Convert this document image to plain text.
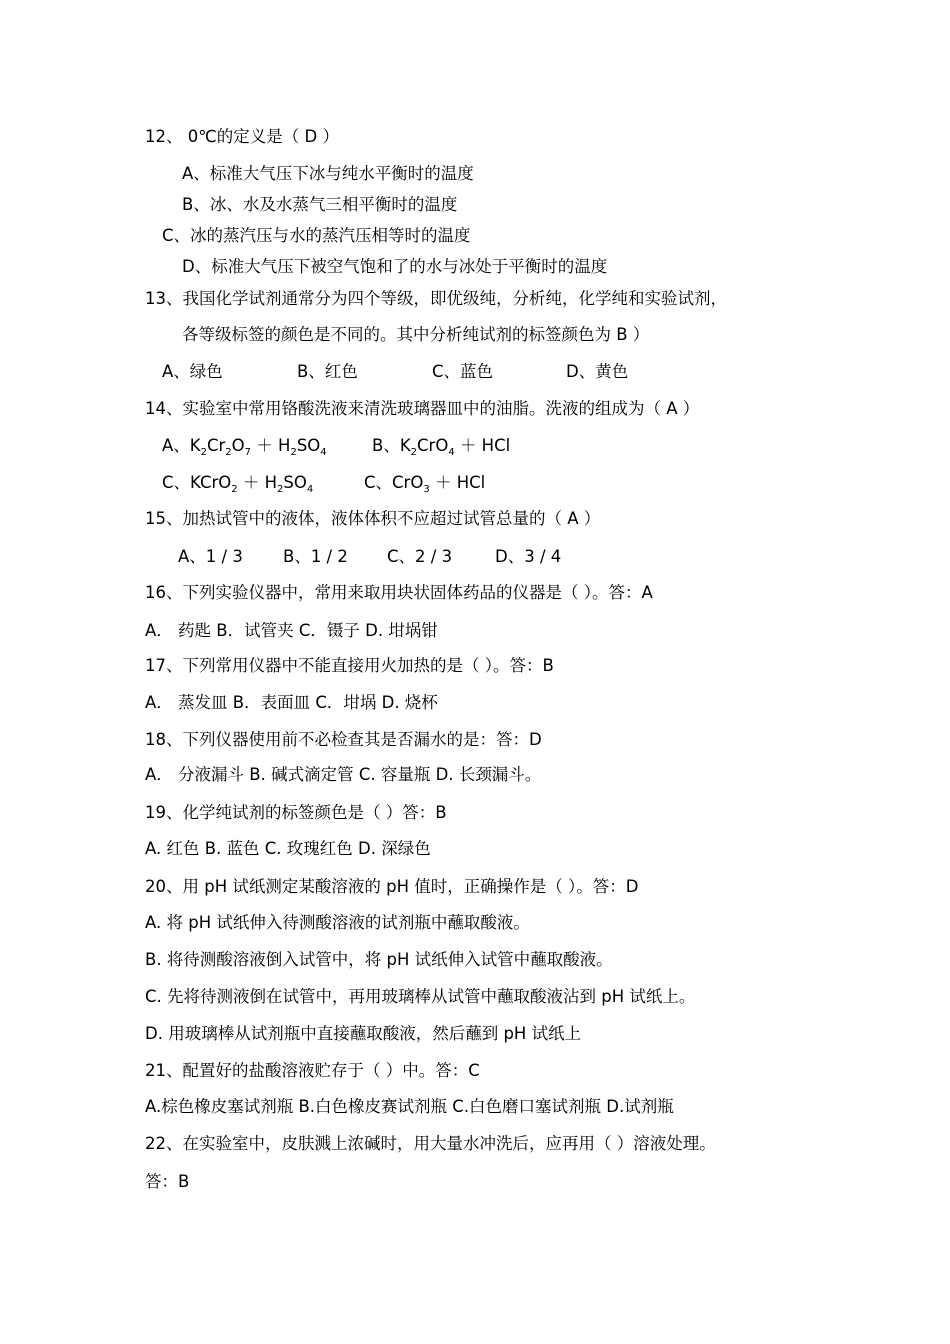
12、 0℃的定义是（ D ）
A、标准大气压下冰与纯水平衡时的温度
B、冰、水及水蒸气三相平衡时的温度
C、冰的蒸汽压与水的蒸汽压相等时的温度
D、标准大气压下被空气饱和了的水与冰处于平衡时的温度
13、我国化学试剂通常分为四个等级，即优级纯，分析纯，化学纯和实验试剂，
各等级标签的颜色是不同的。其中分析纯试剂的标签颜色为 B ）
A、绿色	B、红色	C、蓝色	D、黄色
14、实验室中常用铬酸洗液来清洗玻璃器皿中的油脂。洗液的组成为（ A ）
A、$K_2Cr_2O_7 + H_2SO_4$	B、$K_2CrO_4$ ＋ HCl
C、KCrO$_2$ ＋ $H_2SO_4$	C、CrO$_3$ ＋ HCl
15、加热试管中的液体，液体体积不应超过试管总量的（ A ）
A、1 / 3 B、1 / 2 C、2 / 3	D、3 / 4
16、下列实验仪器中，常用来取用块状固体药品的仪器是（ ）。答：A
A． 药匙 B．试管夹 C．镊子 D. 坩埚钳
17、下列常用仪器中不能直接用火加热的是（ ）。答：B
A． 蒸发皿 B．表面皿 C．坩埚 D. 烧杯
18、下列仪器使用前不必检查其是否漏水的是：答：D
A． 分液漏斗 B. 碱式滴定管 C. 容量瓶 D. 长颈漏斗。
19、化学纯试剂的标签颜色是（ ）答：B
A. 红色 B. 蓝色 C. 玫瑰红色 D. 深绿色
20、用 pH 试纸测定某酸溶液的 pH 值时，正确操作是（ ）。答：D
A. 将 pH 试纸伸入待测酸溶液的试剂瓶中蘸取酸液。
B. 将待测酸溶液倒入试管中，将 pH 试纸伸入试管中蘸取酸液。
C. 先将待测液倒在试管中，再用玻璃棒从试管中蘸取酸液沾到 pH 试纸上。
D. 用玻璃棒从试剂瓶中直接蘸取酸液，然后蘸到 pH 试纸上
21、配置好的盐酸溶液贮存于（ ）中。答：C
A.棕色橡皮塞试剂瓶 B.白色橡皮赛试剂瓶 C.白色磨口塞试剂瓶 D.试剂瓶
22、在实验室中，皮肤溅上浓碱时，用大量水冲洗后，应再用（ ）溶液处理。
答：B
